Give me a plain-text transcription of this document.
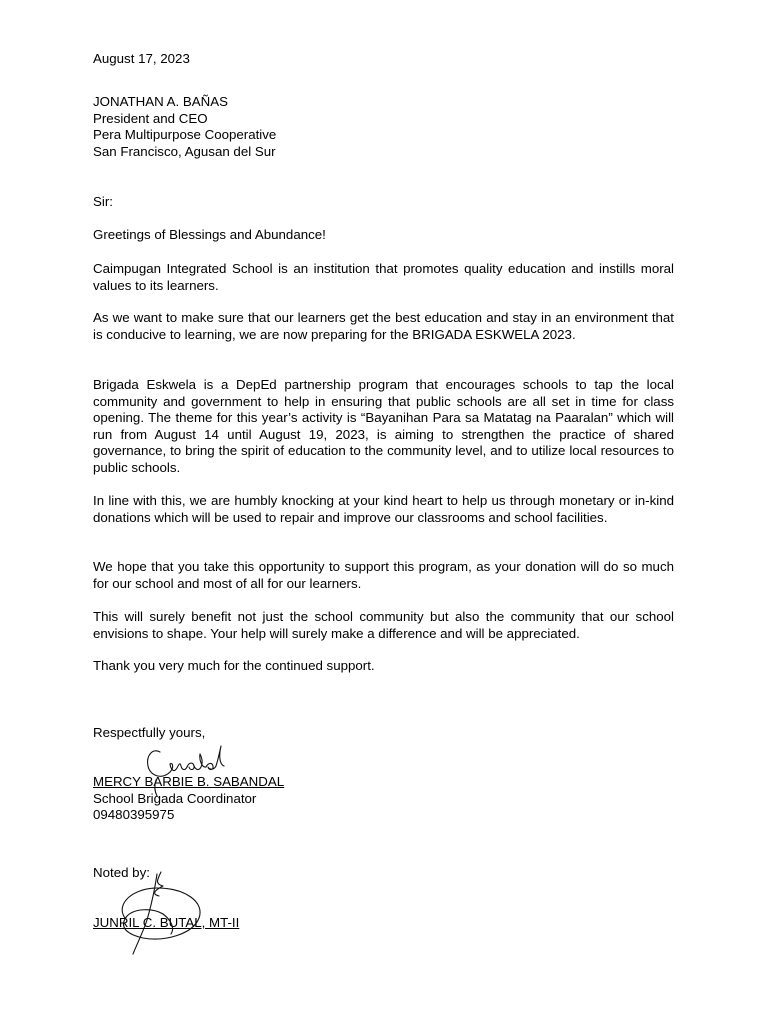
August 17, 2023

JONATHAN A. BAÑAS
President and CEO
Pera Multipurpose Cooperative
San Francisco, Agusan del Sur

Sir:

Greetings of Blessings and Abundance!

Caimpugan Integrated School is an institution that promotes quality education and instills moral values to its learners.

As we want to make sure that our learners get the best education and stay in an environment that is conducive to learning, we are now preparing for the BRIGADA ESKWELA 2023.

Brigada Eskwela is a DepEd partnership program that encourages schools to tap the local community and government to help in ensuring that public schools are all set in time for class opening. The theme for this year’s activity is “Bayanihan Para sa Matatag na Paaralan” which will run from August 14 until August 19, 2023, is aiming to strengthen the practice of shared governance, to bring the spirit of education to the community level, and to utilize local resources to public schools.

In line with this, we are humbly knocking at your kind heart to help us through monetary or in-kind donations which will be used to repair and improve our classrooms and school facilities.

We hope that you take this opportunity to support this program, as your donation will do so much for our school and most of all for our learners.

This will surely benefit not just the school community but also the community that our school envisions to shape. Your help will surely make a difference and will be appreciated.

Thank you very much for the continued support.

Respectfully yours,

MERCY BARBIE B. SABANDAL
School Brigada Coordinator
09480395975

Noted by:

JUNRIL C. BUTAL, MT-II
